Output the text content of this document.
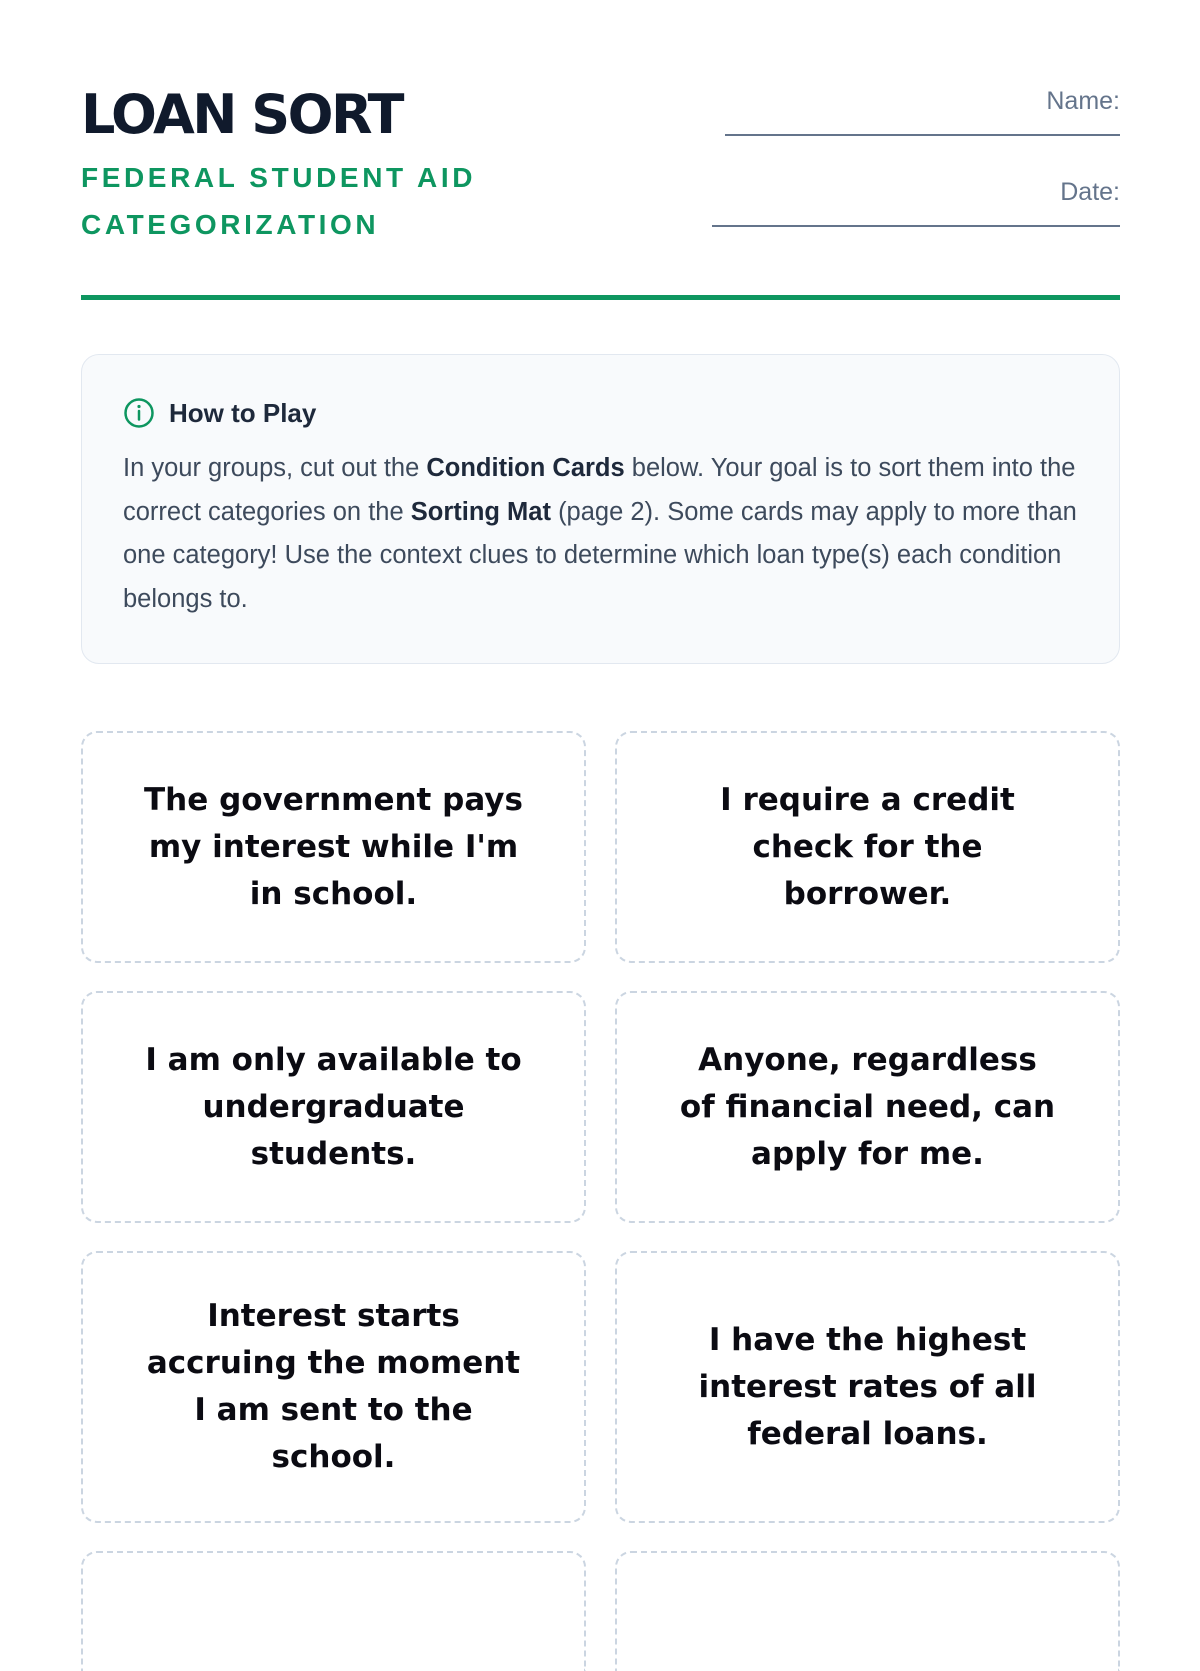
LOAN SORT
FEDERAL STUDENT AID CATEGORIZATION
Name:
Date:
How to Play
In your groups, cut out the Condition Cards below. Your goal is to sort them into the correct categories on the Sorting Mat (page 2). Some cards may apply to more than one category! Use the context clues to determine which loan type(s) each condition belongs to.
The government pays my interest while I'm in school.
I require a credit check for the borrower.
I am only available to undergraduate students.
Anyone, regardless of financial need, can apply for me.
Interest starts accruing the moment I am sent to the school.
I have the highest interest rates of all federal loans.
